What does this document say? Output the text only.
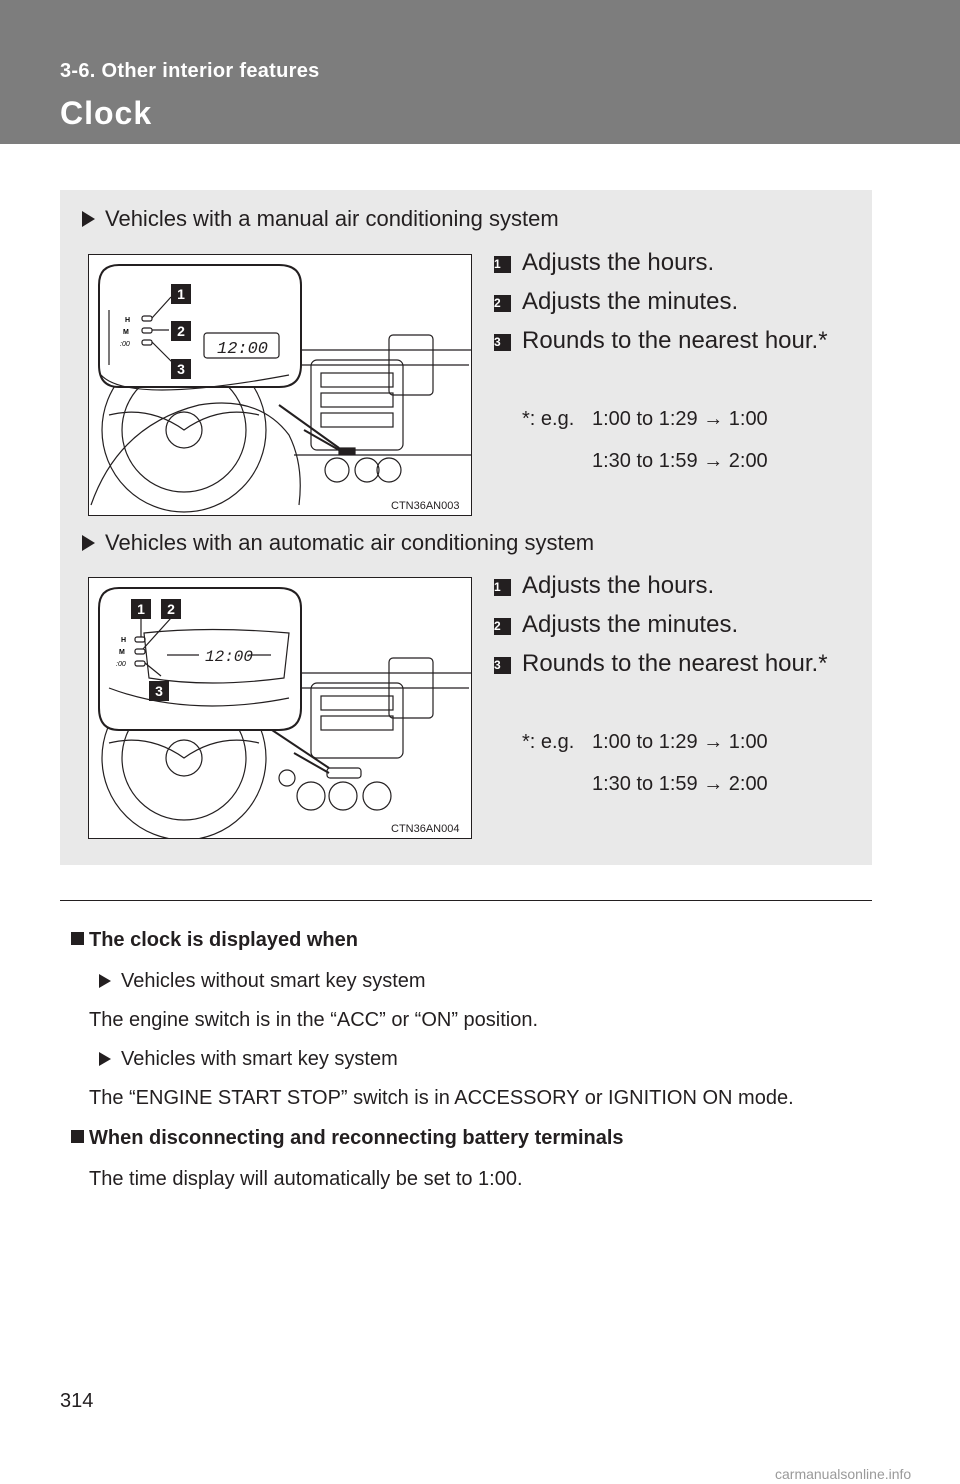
3-6. Other interior features
Clock
Vehicles with a manual air conditioning system
H
M
:00	12:00
1
2
3
CTN36AN003
1 Adjusts the hours.
2 Adjusts the minutes.
3 Rounds to the nearest hour.*
*: e.g. 1:00 to 1:29 → 1:00
1:30 to 1:59 → 2:00
Vehicles with an automatic air conditioning system
H
M
:00	12:00
1 2
3
CTN36AN004
1 Adjusts the hours.
2 Adjusts the minutes.
3 Rounds to the nearest hour.*
*: e.g. 1:00 to 1:29 → 1:00
1:30 to 1:59 → 2:00
The clock is displayed when
Vehicles without smart key system
The engine switch is in the “ACC” or “ON” position.
Vehicles with smart key system
The “ENGINE START STOP” switch is in ACCESSORY or IGNITION ON mode.
When disconnecting and reconnecting battery terminals
The time display will automatically be set to 1:00.
314
carmanualsonline.info
